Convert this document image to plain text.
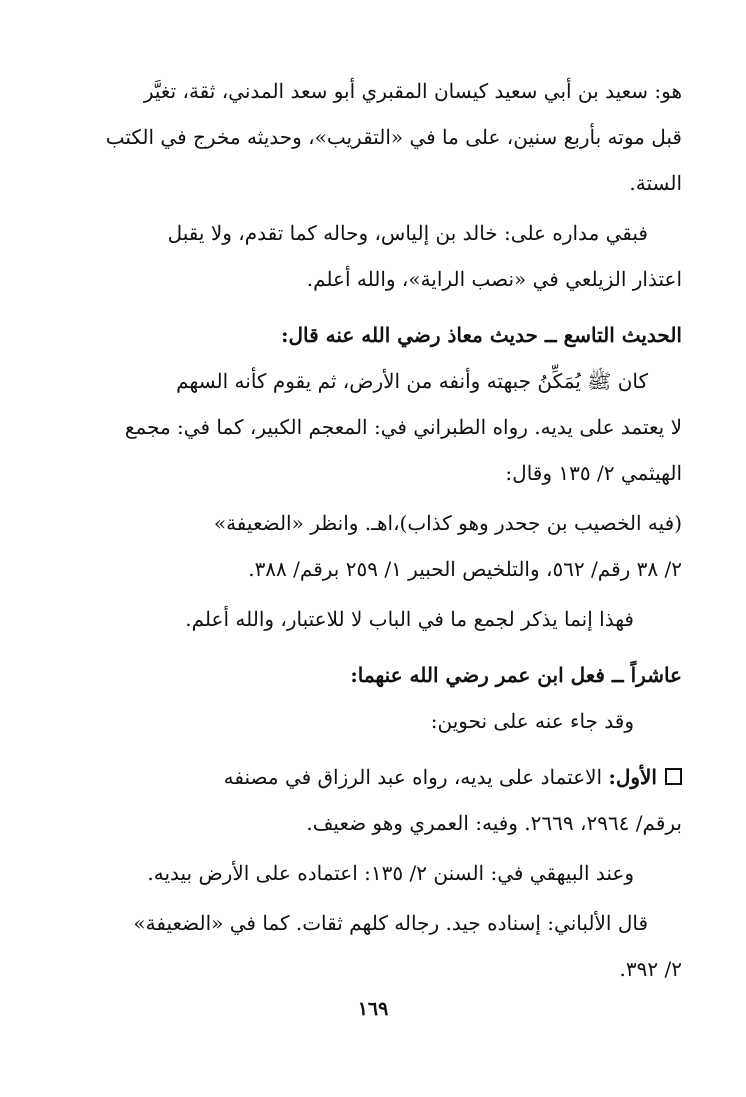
هو: سعيد بن أبي سعيد كيسان المقبري أبو سعد المدني، ثقة، تغيَّر
قبل موته بأربع سنين، على ما في «التقريب»، وحديثه مخرج في الكتب
الستة.
فبقي مداره على: خالد بن إلياس، وحاله كما تقدم، ولا يقبل
اعتذار الزيلعي في «نصب الراية»، والله أعلم.
الحديث التاسع ــ حديث معاذ رضي الله عنه قال:
كان ﷺ يُمَكِّنُ جبهته وأنفه من الأرض، ثم يقوم كأنه السهم
لا يعتمد على يديه. رواه الطبراني في: المعجم الكبير، كما في: مجمع
الهيثمي ٢/ ١٣٥ وقال:
(فيه الخصيب بن جحدر وهو كذاب)،اهـ. وانظر «الضعيفة»
٢/ ٣٨ رقم/ ٥٦٢، والتلخيص الحبير ١/ ٢٥٩ برقم/ ٣٨٨.
فهذا إنما يذكر لجمع ما في الباب لا للاعتبار، والله أعلم.
عاشراً ــ فعل ابن عمر رضي الله عنهما:
وقد جاء عنه على نحوين:
الأول: الاعتماد على يديه، رواه عبد الرزاق في مصنفه
برقم/ ٢٩٦٤، ٢٦٦٩. وفيه: العمري وهو ضعيف.
وعند البيهقي في: السنن ٢/ ١٣٥: اعتماده على الأرض بيديه.
قال الألباني: إسناده جيد. رجاله كلهم ثقات. كما في «الضعيفة»
٢/ ٣٩٢.
١٦٩
